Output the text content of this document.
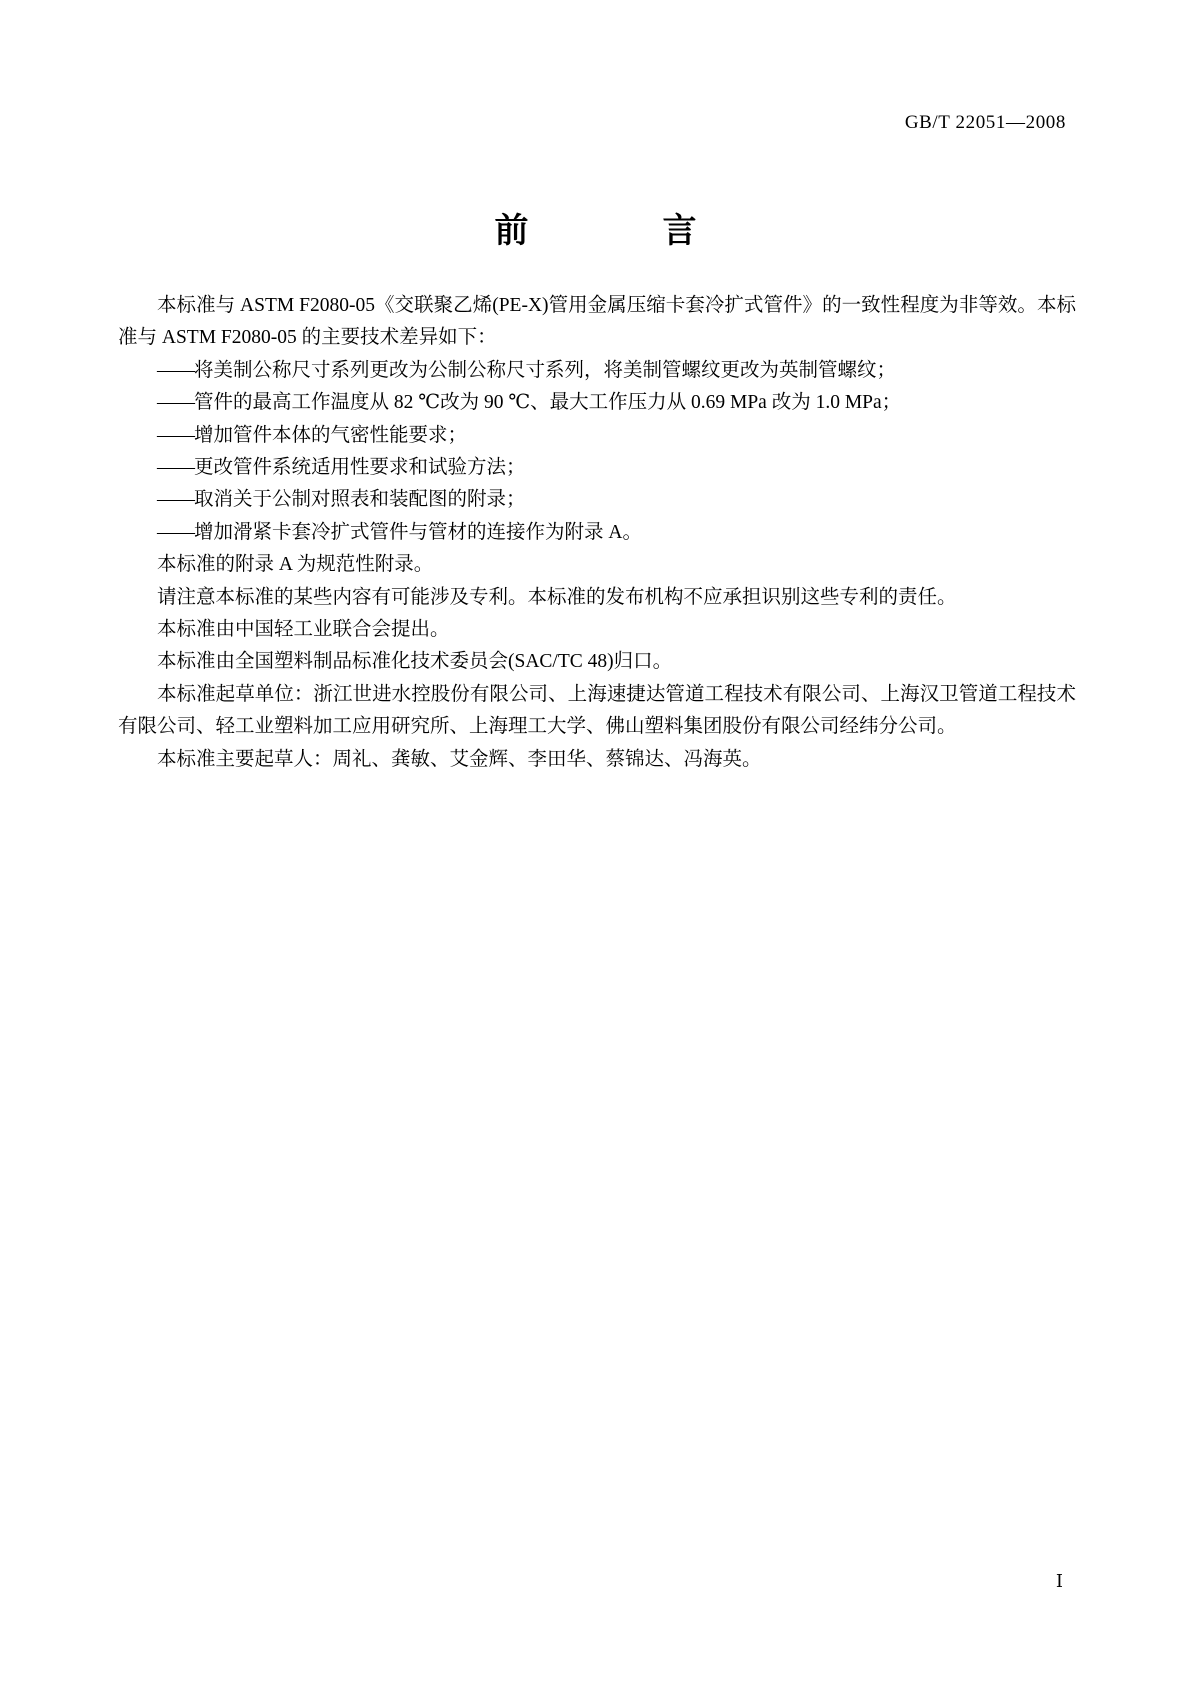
GB/T 22051—2008
前　　言

本标准与 ASTM F2080-05《交联聚乙烯(PE-X)管用金属压缩卡套冷扩式管件》的一致性程度为非等效。本标准与 ASTM F2080-05 的主要技术差异如下：

——将美制公称尺寸系列更改为公制公称尺寸系列，将美制管螺纹更改为英制管螺纹；

——管件的最高工作温度从 82 ℃改为 90 ℃、最大工作压力从 0.69 MPa 改为 1.0 MPa；

——增加管件本体的气密性能要求；

——更改管件系统适用性要求和试验方法；

——取消关于公制对照表和装配图的附录；

——增加滑紧卡套冷扩式管件与管材的连接作为附录 A。

本标准的附录 A 为规范性附录。

请注意本标准的某些内容有可能涉及专利。本标准的发布机构不应承担识别这些专利的责任。

本标准由中国轻工业联合会提出。

本标准由全国塑料制品标准化技术委员会(SAC/TC 48)归口。

本标准起草单位：浙江世进水控股份有限公司、上海速捷达管道工程技术有限公司、上海汉卫管道工程技术有限公司、轻工业塑料加工应用研究所、上海理工大学、佛山塑料集团股份有限公司经纬分公司。

本标准主要起草人：周礼、龚敏、艾金辉、李田华、蔡锦达、冯海英。

Ⅰ
